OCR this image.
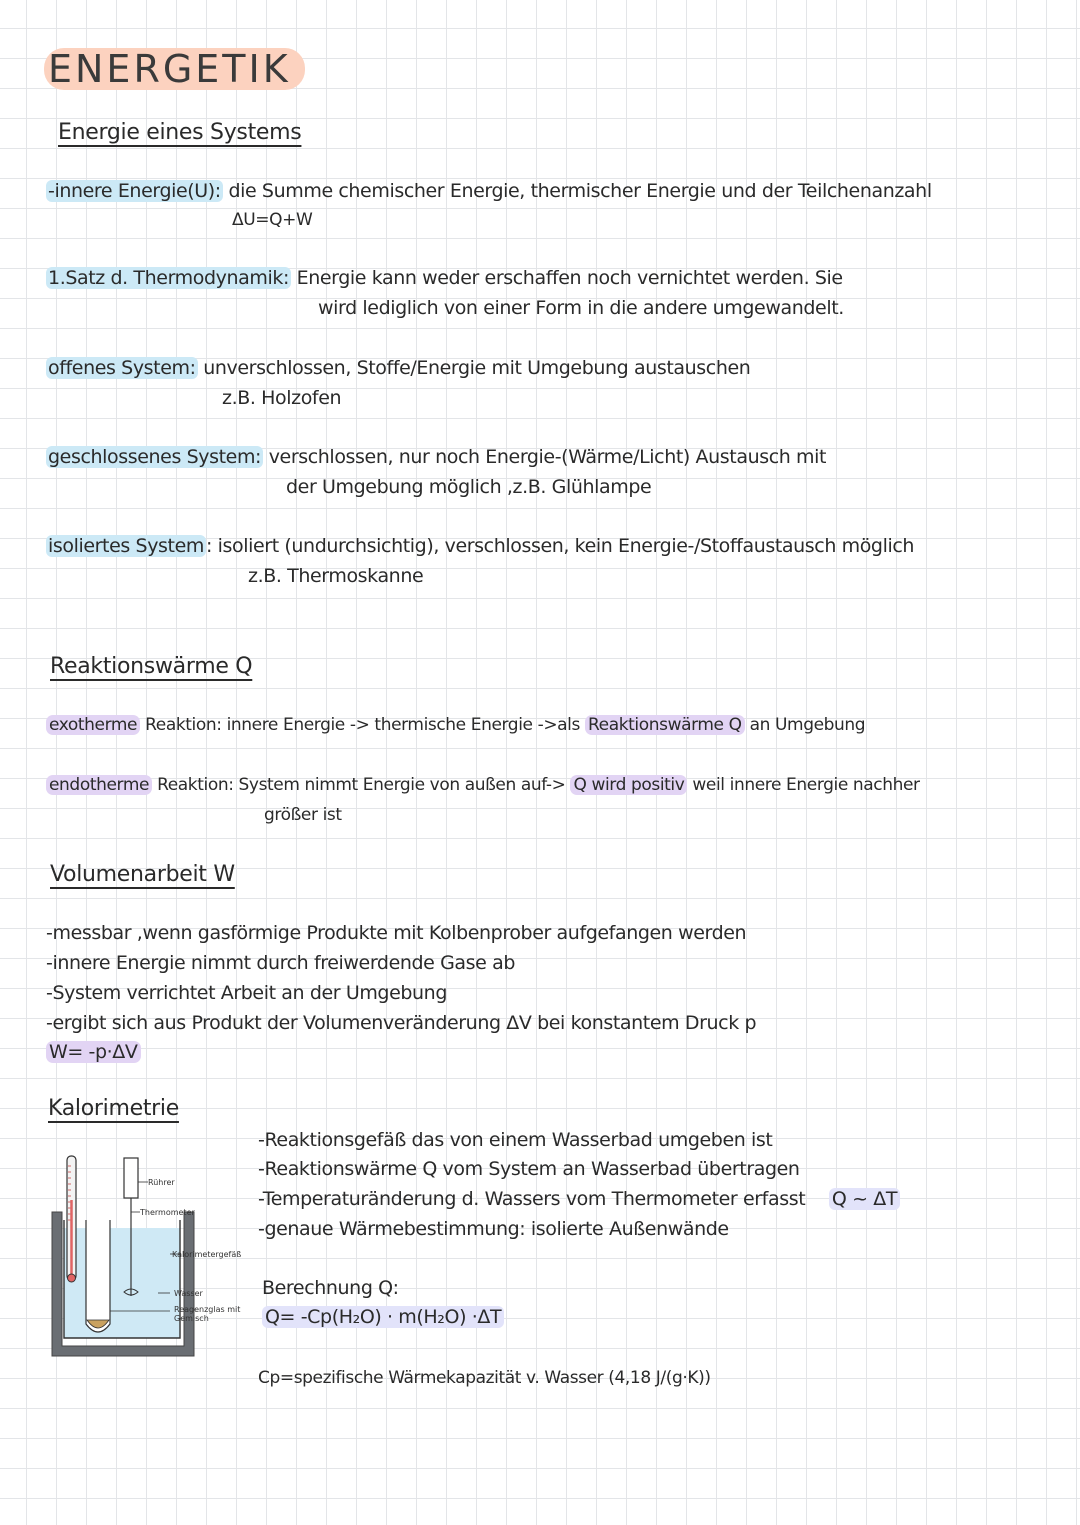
ENERGETIK
Energie eines Systems
-innere Energie(U): die Summe chemischer Energie, thermischer Energie und der Teilchenanzahl
ΔU=Q+W
1.Satz d. Thermodynamik: Energie kann weder erschaffen noch vernichtet werden. Sie
wird lediglich von einer Form in die andere umgewandelt.
offenes System: unverschlossen, Stoffe/Energie mit Umgebung austauschen
z.B. Holzofen
geschlossenes System: verschlossen, nur noch Energie-(Wärme/Licht) Austausch mit
der Umgebung möglich ,z.B. Glühlampe
isoliertes System : isoliert (undurchsichtig), verschlossen, kein Energie-/Stoffaustausch möglich
z.B. Thermoskanne
Reaktionswärme Q
exotherme Reaktion: innere Energie -> thermische Energie ->als Reaktionswärme Q an Umgebung
endotherme Reaktion: System nimmt Energie von außen auf-> Q wird positiv weil innere Energie nachher
größer ist
Volumenarbeit W
-messbar ,wenn gasförmige Produkte mit Kolbenprober aufgefangen werden
-innere Energie nimmt durch freiwerdende Gase ab
-System verrichtet Arbeit an der Umgebung
-ergibt sich aus Produkt der Volumenveränderung ΔV bei konstantem Druck p
W= -p·ΔV
Kalorimetrie
-Reaktionsgefäß das von einem Wasserbad umgeben ist
-Reaktionswärme Q vom System an Wasserbad übertragen
-Temperaturänderung d. Wassers vom Thermometer erfasst Q ~ ΔT
-genaue Wärmebestimmung: isolierte Außenwände
Berechnung Q:
Q= -Cp(H₂O) · m(H₂O) ·ΔT
Cp=spezifische Wärmekapazität v. Wasser (4,18 J/(g·K))
Rührer
Thermometer
Kalorimetergefäß
Wasser
Reagenzglas mit Gemisch
